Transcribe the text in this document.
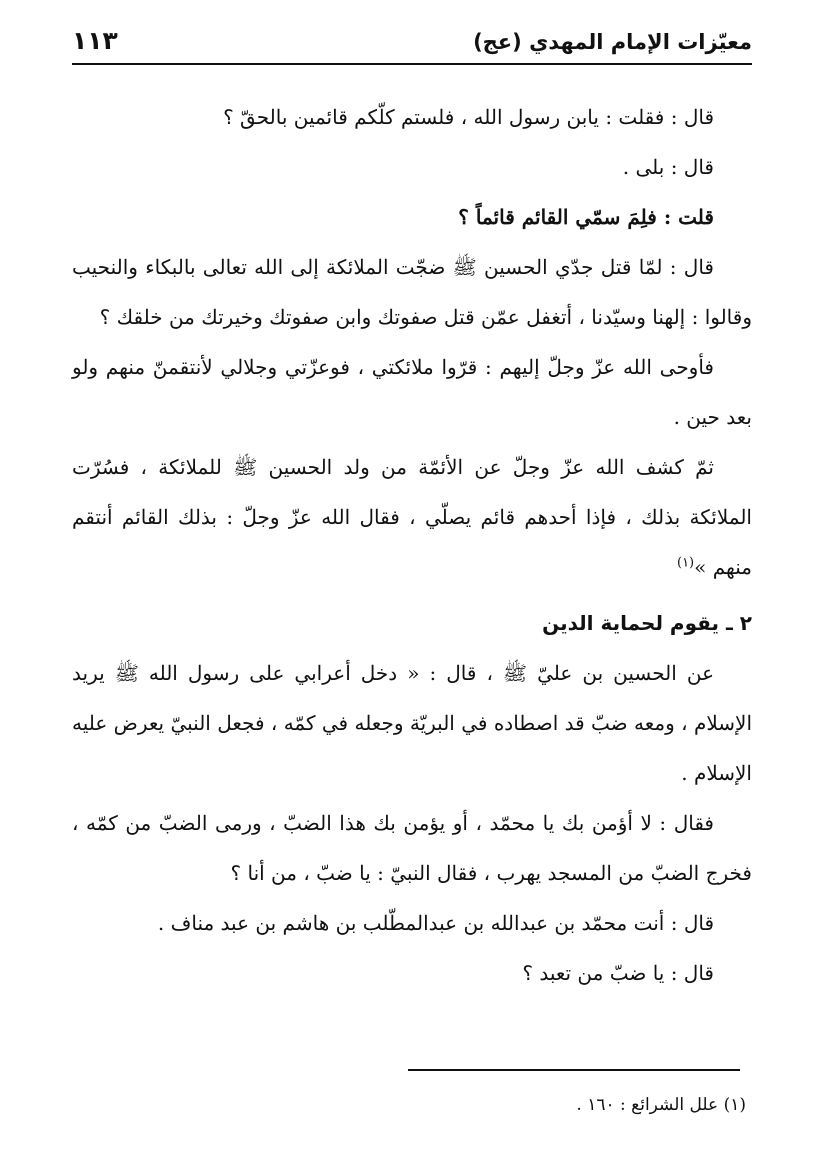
معيّزات الإمام المهدي (عج)
١١٣

قال : فقلت : يابن رسول الله ، فلستم كلّكم قائمين بالحقّ ؟

قال : بلى .

قلت : فلِمَ سمّي القائم قائماً ؟

قال : لمّا قتل جدّي الحسين ﷺ ضجّت الملائكة إلى الله تعالى بالبكاء والنحيب وقالوا : إلهنا وسيّدنا ، أتغفل عمّن قتل صفوتك وابن صفوتك وخيرتك من خلقك ؟

فأوحى الله عزّ وجلّ إليهم : قرّوا ملائكتي ، فوعزّتي وجلالي لأنتقمنّ منهم ولو بعد حين .

ثمّ كشف الله عزّ وجلّ عن الأئمّة من ولد الحسين ﷺ للملائكة ، فسُرّت الملائكة بذلك ، فإذا أحدهم قائم يصلّي ، فقال الله عزّ وجلّ : بذلك القائم أنتقم منهم »$^{(١)}$

٢ ـ يقوم لحماية الدين

عن الحسين بن عليّ ﷺ ، قال : « دخل أعرابي على رسول الله ﷺ يريد الإسلام ، ومعه ضبّ قد اصطاده في البريّة وجعله في كمّه ، فجعل النبيّ يعرض عليه الإسلام .

فقال : لا أؤمن بك يا محمّد ، أو يؤمن بك هذا الضبّ ، ورمى الضبّ من كمّه ، فخرج الضبّ من المسجد يهرب ، فقال النبيّ : يا ضبّ ، من أنا ؟

قال : أنت محمّد بن عبدالله بن عبدالمطّلب بن هاشم بن عبد مناف .

قال : يا ضبّ من تعبد ؟

(١) علل الشرائع : ١٦٠ .
